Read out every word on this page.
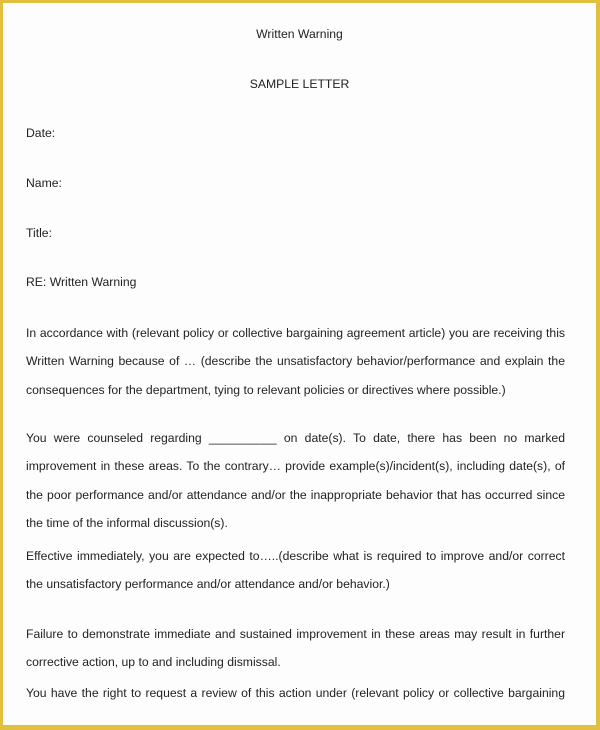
Written Warning
SAMPLE LETTER
Date:
Name:
Title:
RE: Written Warning
In accordance with (relevant policy or collective bargaining agreement article) you are receiving this
Written Warning because of … (describe the unsatisfactory behavior/performance and explain the
consequences for the department, tying to relevant policies or directives where possible.)
You were counseled regarding __________ on date(s). To date, there has been no marked
improvement in these areas. To the contrary… provide example(s)/incident(s), including date(s), of
the poor performance and/or attendance and/or the inappropriate behavior that has occurred since
the time of the informal discussion(s).
Effective immediately, you are expected to…..(describe what is required to improve and/or correct
the unsatisfactory performance and/or attendance and/or behavior.)
Failure to demonstrate immediate and sustained improvement in these areas may result in further
corrective action, up to and including dismissal.
You have the right to request a review of this action under (relevant policy or collective bargaining
